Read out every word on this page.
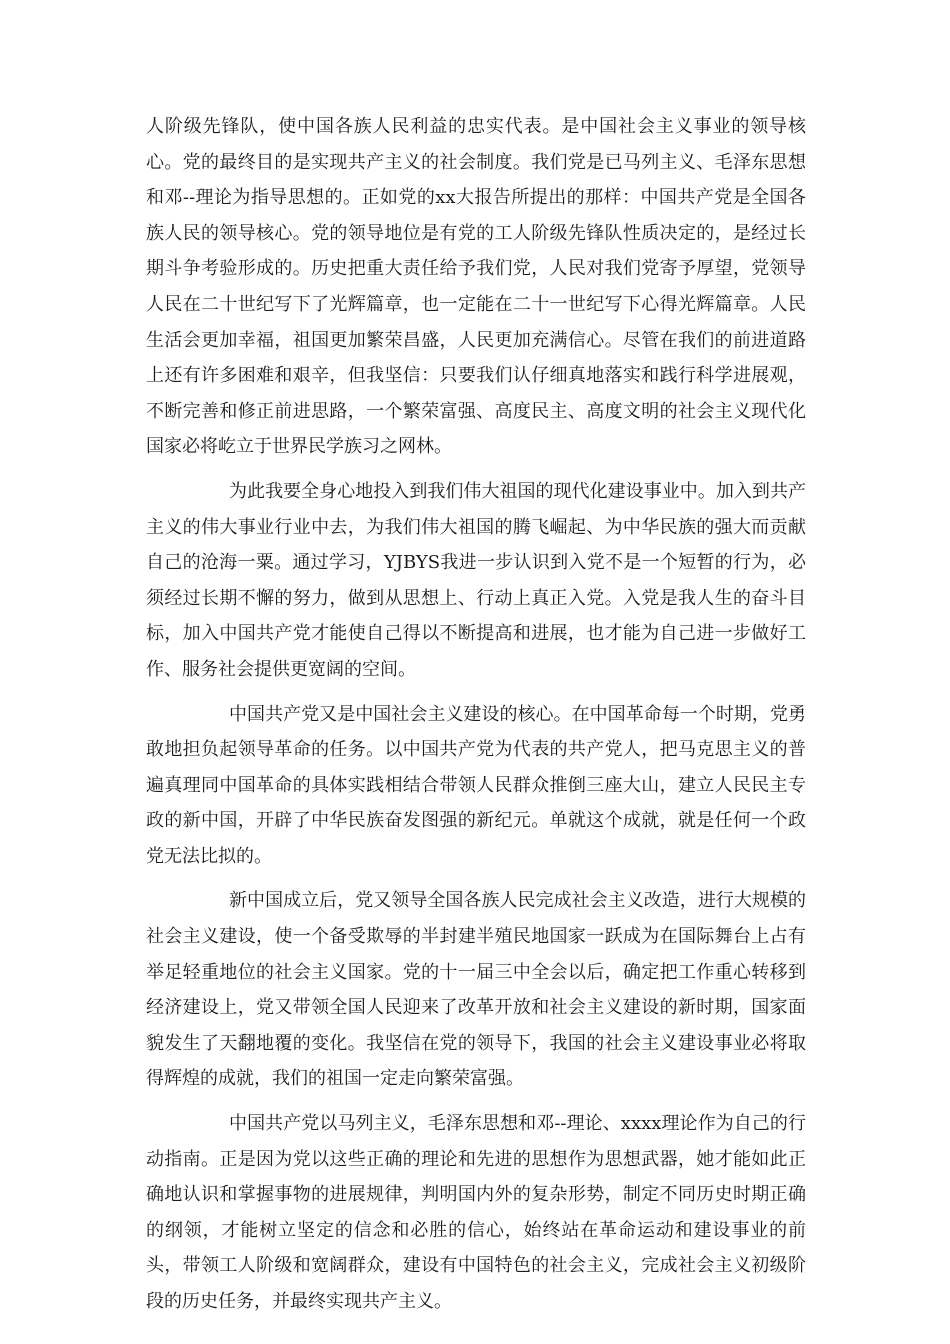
人阶级先锋队，使中国各族人民利益的忠实代表。是中国社会主义事业的领导核心。党的最终目的是实现共产主义的社会制度。我们党是已马列主义、毛泽东思想和邓--理论为指导思想的。正如党的xx大报告所提出的那样：中国共产党是全国各族人民的领导核心。党的领导地位是有党的工人阶级先锋队性质决定的，是经过长期斗争考验形成的。历史把重大责任给予我们党，人民对我们党寄予厚望，党领导人民在二十世纪写下了光辉篇章，也一定能在二十一世纪写下心得光辉篇章。人民生活会更加幸福，祖国更加繁荣昌盛，人民更加充满信心。尽管在我们的前进道路上还有许多困难和艰辛，但我坚信：只要我们认仔细真地落实和践行科学进展观，不断完善和修正前进思路，一个繁荣富强、高度民主、高度文明的社会主义现代化国家必将屹立于世界民学族习之网林。

为此我要全身心地投入到我们伟大祖国的现代化建设事业中。加入到共产主义的伟大事业行业中去，为我们伟大祖国的腾飞崛起、为中华民族的强大而贡献自己的沧海一粟。通过学习，YJBYS我进一步认识到入党不是一个短暂的行为，必须经过长期不懈的努力，做到从思想上、行动上真正入党。入党是我人生的奋斗目标，加入中国共产党才能使自己得以不断提高和进展，也才能为自己进一步做好工作、服务社会提供更宽阔的空间。

中国共产党又是中国社会主义建设的核心。在中国革命每一个时期，党勇敢地担负起领导革命的任务。以中国共产党为代表的共产党人，把马克思主义的普遍真理同中国革命的具体实践相结合带领人民群众推倒三座大山，建立人民民主专政的新中国，开辟了中华民族奋发图强的新纪元。单就这个成就，就是任何一个政党无法比拟的。

新中国成立后，党又领导全国各族人民完成社会主义改造，进行大规模的社会主义建设，使一个备受欺辱的半封建半殖民地国家一跃成为在国际舞台上占有举足轻重地位的社会主义国家。党的十一届三中全会以后，确定把工作重心转移到经济建设上，党又带领全国人民迎来了改革开放和社会主义建设的新时期，国家面貌发生了天翻地覆的变化。我坚信在党的领导下，我国的社会主义建设事业必将取得辉煌的成就，我们的祖国一定走向繁荣富强。

中国共产党以马列主义，毛泽东思想和邓--理论、xxxx理论作为自己的行动指南。正是因为党以这些正确的理论和先进的思想作为思想武器，她才能如此正确地认识和掌握事物的进展规律，判明国内外的复杂形势，制定不同历史时期正确的纲领，才能树立坚定的信念和必胜的信心，始终站在革命运动和建设事业的前头，带领工人阶级和宽阔群众，建设有中国特色的社会主义，完成社会主义初级阶段的历史任务，并最终实现共产主义。
